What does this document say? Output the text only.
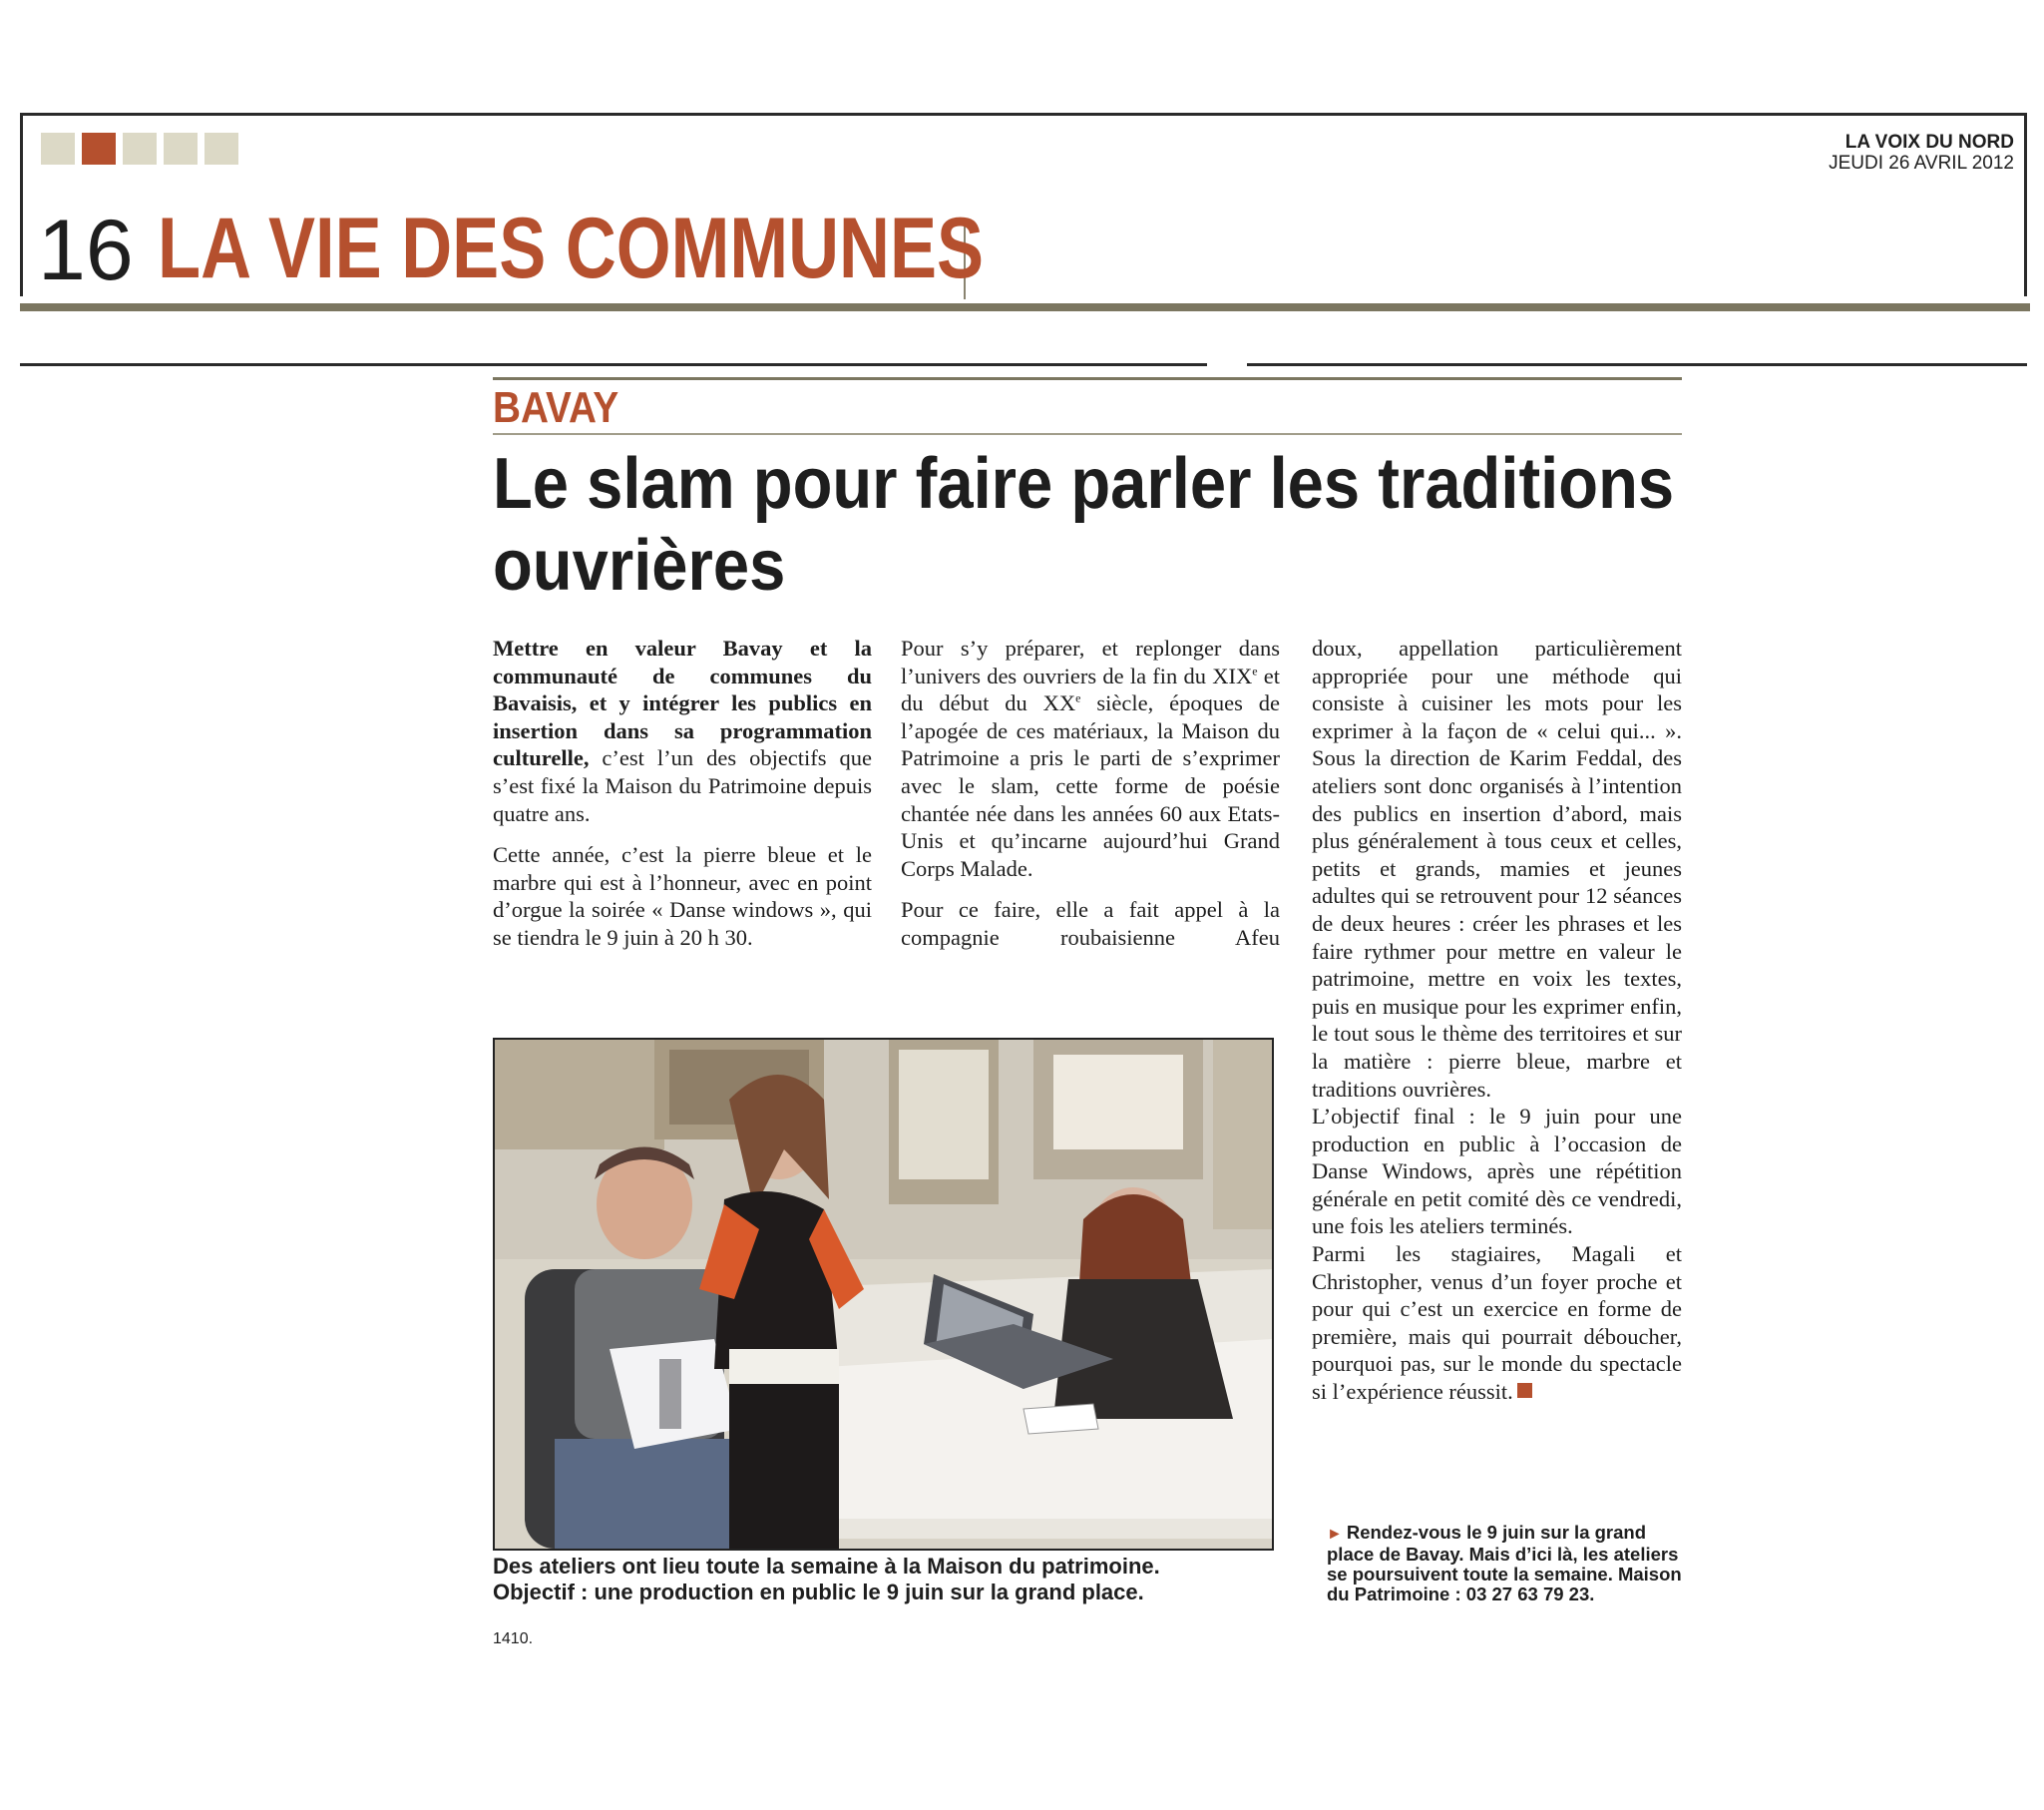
16 LA VIE DES COMMUNES
LA VOIX DU NORD
JEUDI 26 AVRIL 2012
BAVAY
Le slam pour faire parler les traditions ouvrières

Mettre en valeur Bavay et la communauté de communes du Bavaisis, et y intégrer les publics en insertion dans sa programmation culturelle, c’est l’un des objectifs que s’est fixé la Maison du Patrimoine depuis quatre ans.

Cette année, c’est la pierre bleue et le marbre qui est à l’honneur, avec en point d’orgue la soirée « Danse windows », qui se tiendra le 9 juin à 20 h 30.

Pour s’y préparer, et replonger dans l’univers des ouvriers de la fin du XIXe et du début du XXe siècle, époques de l’apogée de ces matériaux, la Maison du Patrimoine a pris le parti de s’exprimer avec le slam, cette forme de poésie chantée née dans les années 60 aux Etats-Unis et qu’incarne aujourd’hui Grand Corps Malade.

Pour ce faire, elle a fait appel à la compagnie roubaisienne Afeu

doux, appellation particulièrement appropriée pour une méthode qui consiste à cuisiner les mots pour les exprimer à la façon de « celui qui... ». Sous la direction de Karim Feddal, des ateliers sont donc organisés à l’intention des publics en insertion d’abord, mais plus généralement à tous ceux et celles, petits et grands, mamies et jeunes adultes qui se retrouvent pour 12 séances de deux heures : créer les phrases et les faire rythmer pour mettre en valeur le patrimoine, mettre en voix les textes, puis en musique pour les exprimer enfin, le tout sous le thème des territoires et sur la matière : pierre bleue, marbre et traditions ouvrières.

L’objectif final : le 9 juin pour une production en public à l’occasion de Danse Windows, après une répétition générale en petit comité dès ce vendredi, une fois les ateliers terminés.

Parmi les stagiaires, Magali et Christopher, venus d’un foyer proche et pour qui c’est un exercice en forme de première, mais qui pourrait déboucher, pourquoi pas, sur le monde du spectacle si l’expérience réussit.

► Rendez-vous le 9 juin sur la grand place de Bavay. Mais d’ici là, les ateliers se poursuivent toute la semaine. Maison du Patrimoine : 03 27 63 79 23.
Des ateliers ont lieu toute la semaine à la Maison du patrimoine.
Objectif : une production en public le 9 juin sur la grand place.
1410.
